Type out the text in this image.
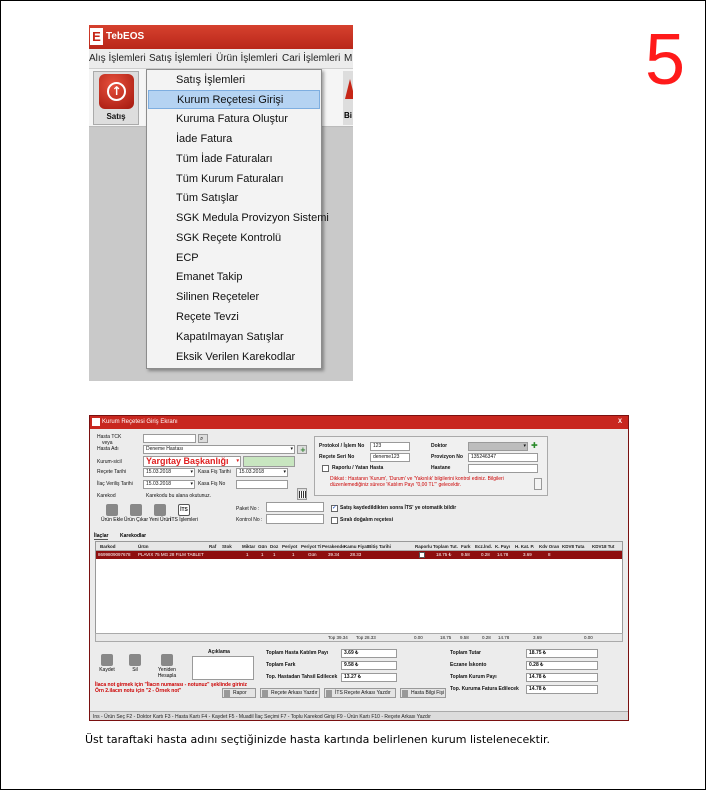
5
E TebEOS
Alış İşlemleri Satış İşlemleri Ürün İşlemleri Cari İşlemleri M
↑
Satış	Bi
Satış İşlemleri
Kurum Reçetesi Girişi
Kuruma Fatura Oluştur
İade Fatura
Tüm İade Faturaları
Tüm Kurum Faturaları
Tüm Satışlar
SGK Medula Provizyon Sistemi
SGK Reçete Kontrolü
ECP
Emanet Takip
Silinen Reçeteler
Reçete Tevzi
Kapatılmayan Satışlar
Eksik Verilen Karekodlar
Kurum Reçetesi Giriş Ekranı	X
Hasta TCK
veya
Hasta Adı
⌕
Deneme Hastası ▾	+
Kurum-sicil	Yargıtay Başkanlığı ▾
Reçete Tarihi	15.03.2018 ▾	Kasa Fiş Tarihi	15.03.2018 ▾
İlaç Veriliş Tarihi	15.03.2018 ▾	Kasa Fiş No
Karekod	Karekodu bu alana okutunuz.
Protokol / İşlem No	123
Reçete Seri No	deneme123
Raporlu / Yatan Hasta
Doktor
▾	✚
Provizyon No	135246347
Hastane
Dikkat : Hastanın 'Kurum', 'Durum' ve 'Yakınlık' bilgilerini kontrol ediniz. Bilgileri düzenlemediğiniz sürece 'Katılım Payı "0,00 TL"' gelecektir.
Ürün Ekle Ürün Çıkar Yeni Ürün
İTS
İTS İşlemleri
Paket No :
Kontrol No :
✓
Satış kaydedildikten sonra İTS' ye otomatik bildir
Sıralı doğalım reçetesi
İlaçlar Karekodlar
Barkod	Ürün	Raf Stok Miktar Gün Doz Periyot Periyot Ti Perakende Kamu Fiyat Bitiş Tarihi	Raporlu Toplam Tut. Fark Ecz.İnd. K. Payı H. Kat. P. Kdv Oran KDV8 Tuta KDV18 Tut
8699809097678 PLAVIX 75 MG 28 FILM TABLET	1	1 1	1	Gün	39.34 28.33	18.75 ₺ 9.58 0.28 14.78	3.69	8
Top 39.34 Top 28.33	0.00	18.75 9.58	0.28 14.78	3.69	0.00
Kaydet	Sil	Yeniden Hesapla
Açıklama
İlaca not girmek için "İlacın numarası - notunuz" şeklinde giriniz
Örn 2.ilacın notu için "2 - Örnek not"
Toplam Hasta Katılım Payı	3.69 ₺
Toplam Fark	9.58 ₺
Top. Hastadan Tahsil Edilecek	13.27 ₺
Toplam Tutar	18.75 ₺
Eczane İskonto	0.28 ₺
Toplam Kurum Payı	14.78 ₺
Top. Kuruma Fatura Edilecek	14.78 ₺
Rapor	Reçete Arkası Yazdır	İTS Reçete Arkası Yazdır	Hasta Bilgi Fişi
Ins - Ürün Seç F2 - Doktor Kartı F3 - Hasta Kartı F4 - Kaydet F5 - Muadil İlaç Seçimi F7 - Toplu Karekod Girişi F9 - Ürün Kartı F10 - Reçete Arkası Yazdır
Üst taraftaki hasta adını seçtiğinizde hasta kartında belirlenen kurum listelenecektir.
